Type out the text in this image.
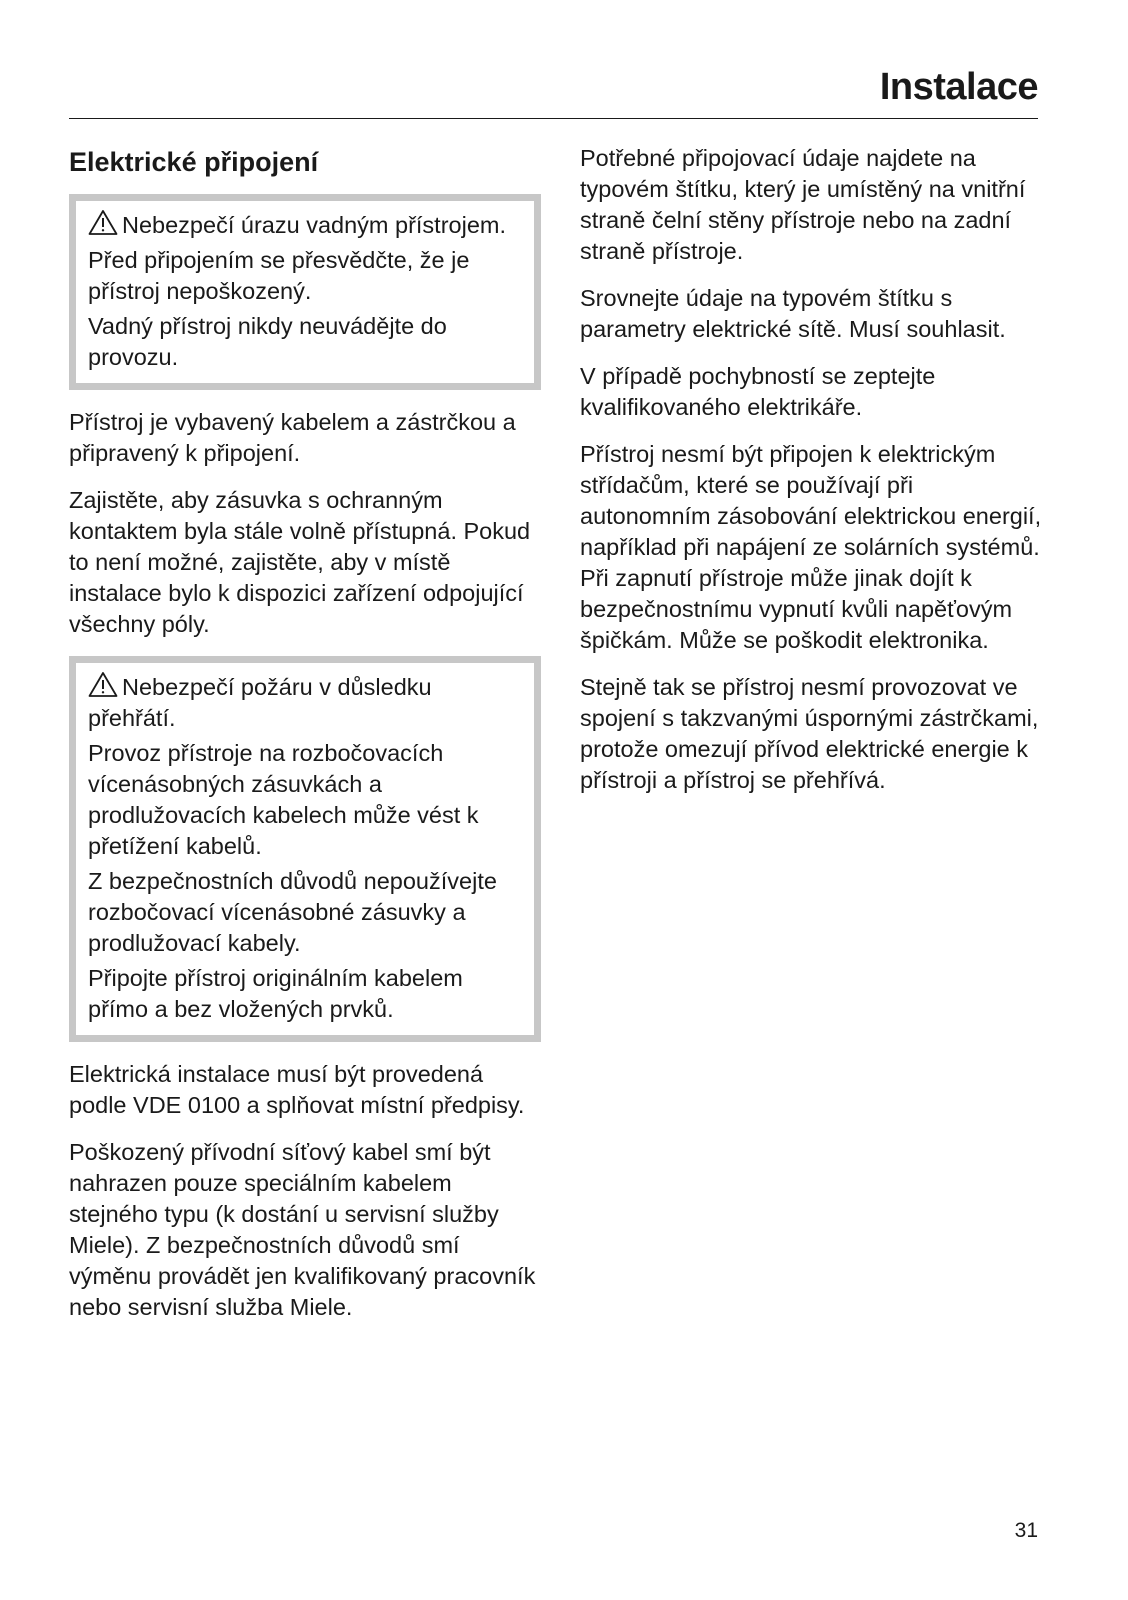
Instalace
Elektrické připojení

Nebezpečí úrazu vadným přístrojem.

Před připojením se přesvědčte, že je přístroj nepoškozený.

Vadný přístroj nikdy neuvádějte do provozu.

Přístroj je vybavený kabelem a zástrčkou a připravený k připojení.

Zajistěte, aby zásuvka s ochranným kontaktem byla stále volně přístupná. Pokud to není možné, zajistěte, aby v místě instalace bylo k dispozici zařízení odpojující všechny póly.

Nebezpečí požáru v důsledku přehřátí.

Provoz přístroje na rozbočovacích vícenásobných zásuvkách a prodlužovacích kabelech může vést k přetížení kabelů.

Z bezpečnostních důvodů nepoužívejte rozbočovací vícenásobné zásuvky a prodlužovací kabely.

Připojte přístroj originálním kabelem přímo a bez vložených prvků.

Elektrická instalace musí být provedená podle VDE 0100 a splňovat místní předpisy.

Poškozený přívodní síťový kabel smí být nahrazen pouze speciálním kabelem stejného typu (k dostání u servisní služby Miele). Z bezpečnostních důvodů smí výměnu provádět jen kvalifikovaný pracovník nebo servisní služba Miele.

Potřebné připojovací údaje najdete na typovém štítku, který je umístěný na vnitřní straně čelní stěny přístroje nebo na zadní straně přístroje.

Srovnejte údaje na typovém štítku s parametry elektrické sítě. Musí souhlasit.

V případě pochybností se zeptejte kvalifikovaného elektrikáře.

Přístroj nesmí být připojen k elektrickým střídačům, které se používají při autonomním zásobování elektrickou energií, například při napájení ze solárních systémů. Při zapnutí přístroje může jinak dojít k bezpečnostnímu vypnutí kvůli napěťovým špičkám. Může se poškodit elektronika.

Stejně tak se přístroj nesmí provozovat ve spojení s takzvanými úspornými zástrčkami, protože omezují přívod elektrické energie k přístroji a přístroj se přehřívá.

31
